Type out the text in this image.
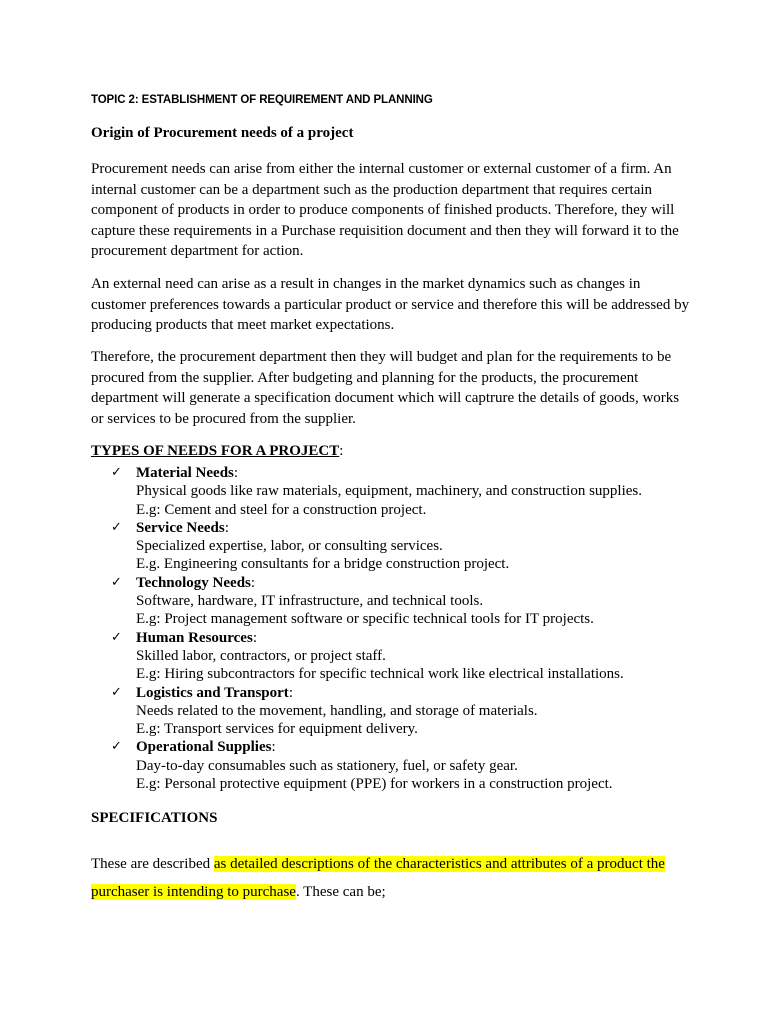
TOPIC 2: ESTABLISHMENT OF REQUIREMENT AND PLANNING
Origin of Procurement needs of a project
Procurement needs can arise from either the internal customer or external customer of a firm. An internal customer can be a department such as the production department that requires certain component of products in order to produce components of finished products. Therefore, they will capture these requirements in a Purchase requisition document and then they will forward it to the procurement department for action.
An external need can arise as a result in changes in the market dynamics such as changes in customer preferences towards a particular product or service and therefore this will be addressed by producing products that meet market expectations.
Therefore, the procurement department then they will budget and plan for the requirements to be procured from the supplier. After budgeting and planning for the products, the procurement department will generate a specification document which will captrure the details of goods, works or services to be procured from the supplier.
TYPES OF NEEDS FOR A PROJECT:
✓ Material Needs:
Physical goods like raw materials, equipment, machinery, and construction supplies.
E.g: Cement and steel for a construction project.
✓ Service Needs:
Specialized expertise, labor, or consulting services.
E.g. Engineering consultants for a bridge construction project.
✓ Technology Needs:
Software, hardware, IT infrastructure, and technical tools.
E.g: Project management software or specific technical tools for IT projects.
✓ Human Resources:
Skilled labor, contractors, or project staff.
E.g: Hiring subcontractors for specific technical work like electrical installations.
✓ Logistics and Transport:
Needs related to the movement, handling, and storage of materials.
E.g: Transport services for equipment delivery.
✓ Operational Supplies:
Day-to-day consumables such as stationery, fuel, or safety gear.
E.g: Personal protective equipment (PPE) for workers in a construction project.
SPECIFICATIONS
These are described as detailed descriptions of the characteristics and attributes of a product the purchaser is intending to purchase. These can be;
